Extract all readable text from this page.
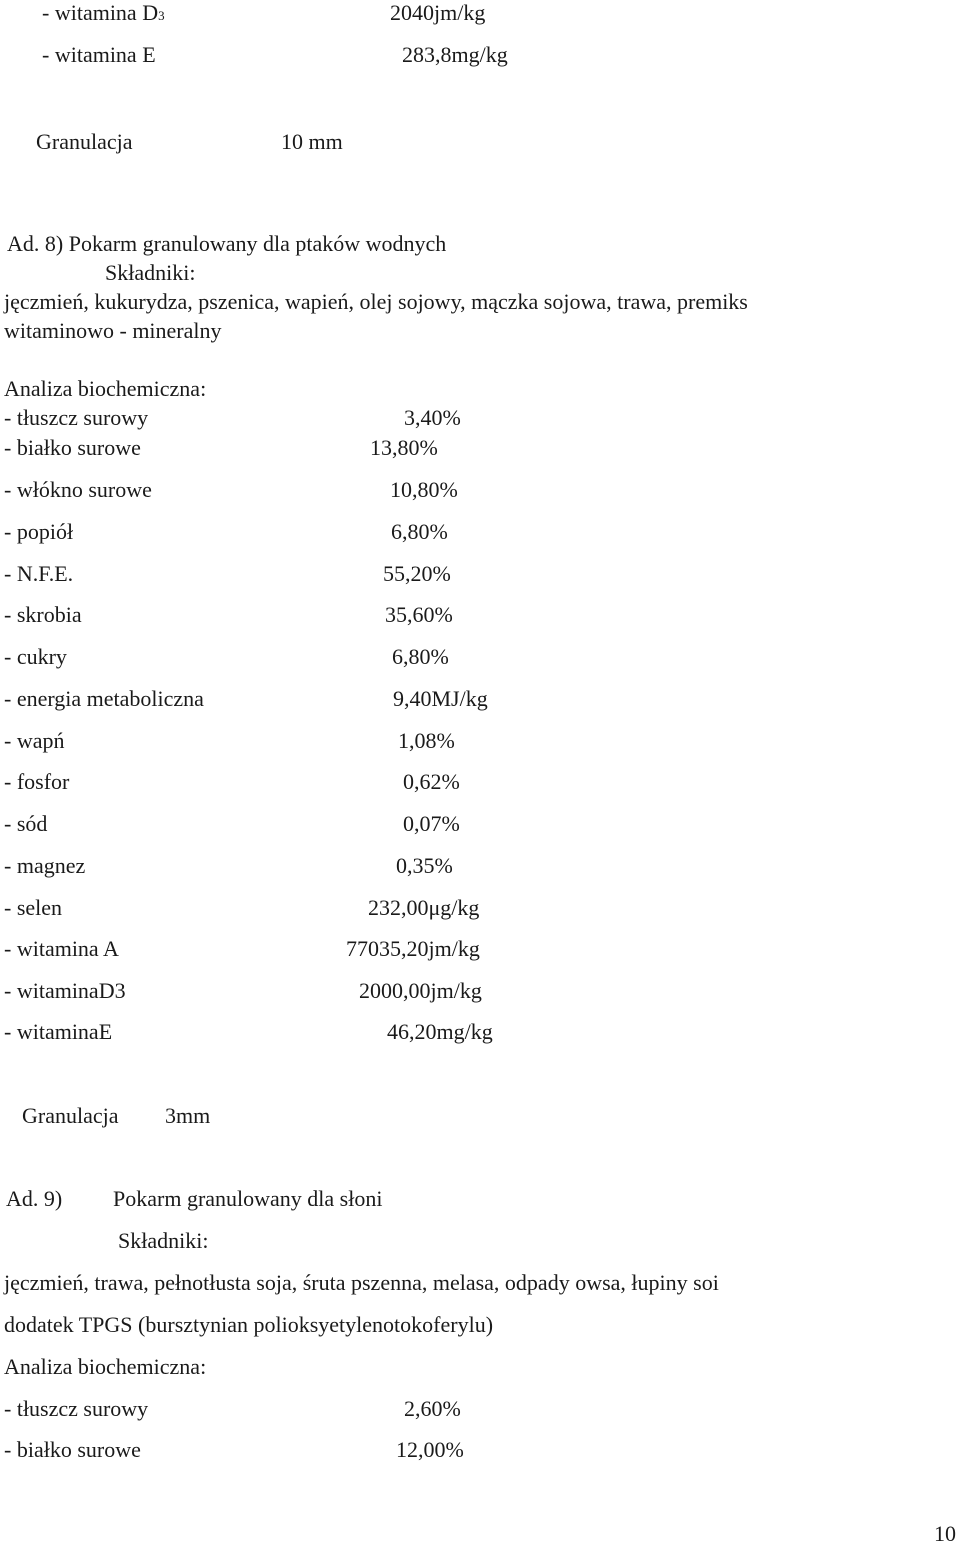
- witamina D3	2040jm/kg
- witamina E	283,8mg/kg
Granulacja	10 mm
Ad. 8) Pokarm granulowany dla ptaków wodnych
Składniki:
jęczmień, kukurydza, pszenica, wapień, olej sojowy, mączka sojowa, trawa, premiks
witaminowo - mineralny
Analiza biochemiczna:
- tłuszcz surowy	3,40%
- białko surowe	13,80%
- włókno surowe	10,80%
- popiół	6,80%
- N.F.E.	55,20%
- skrobia	35,60%
- cukry	6,80%
- energia metaboliczna	9,40MJ/kg
- wapń	1,08%
- fosfor	0,62%
- sód	0,07%
- magnez	0,35%
- selen	232,00μg/kg
- witamina A	77035,20jm/kg
- witaminaD3	2000,00jm/kg
- witaminaE	46,20mg/kg
Granulacja 3mm
Ad. 9) Pokarm granulowany dla słoni
Składniki:
jęczmień, trawa, pełnotłusta soja, śruta pszenna, melasa, odpady owsa, łupiny soi
dodatek TPGS (bursztynian polioksyetylenotokoferylu)
Analiza biochemiczna:
- tłuszcz surowy	2,60%
- białko surowe	12,00%
10
